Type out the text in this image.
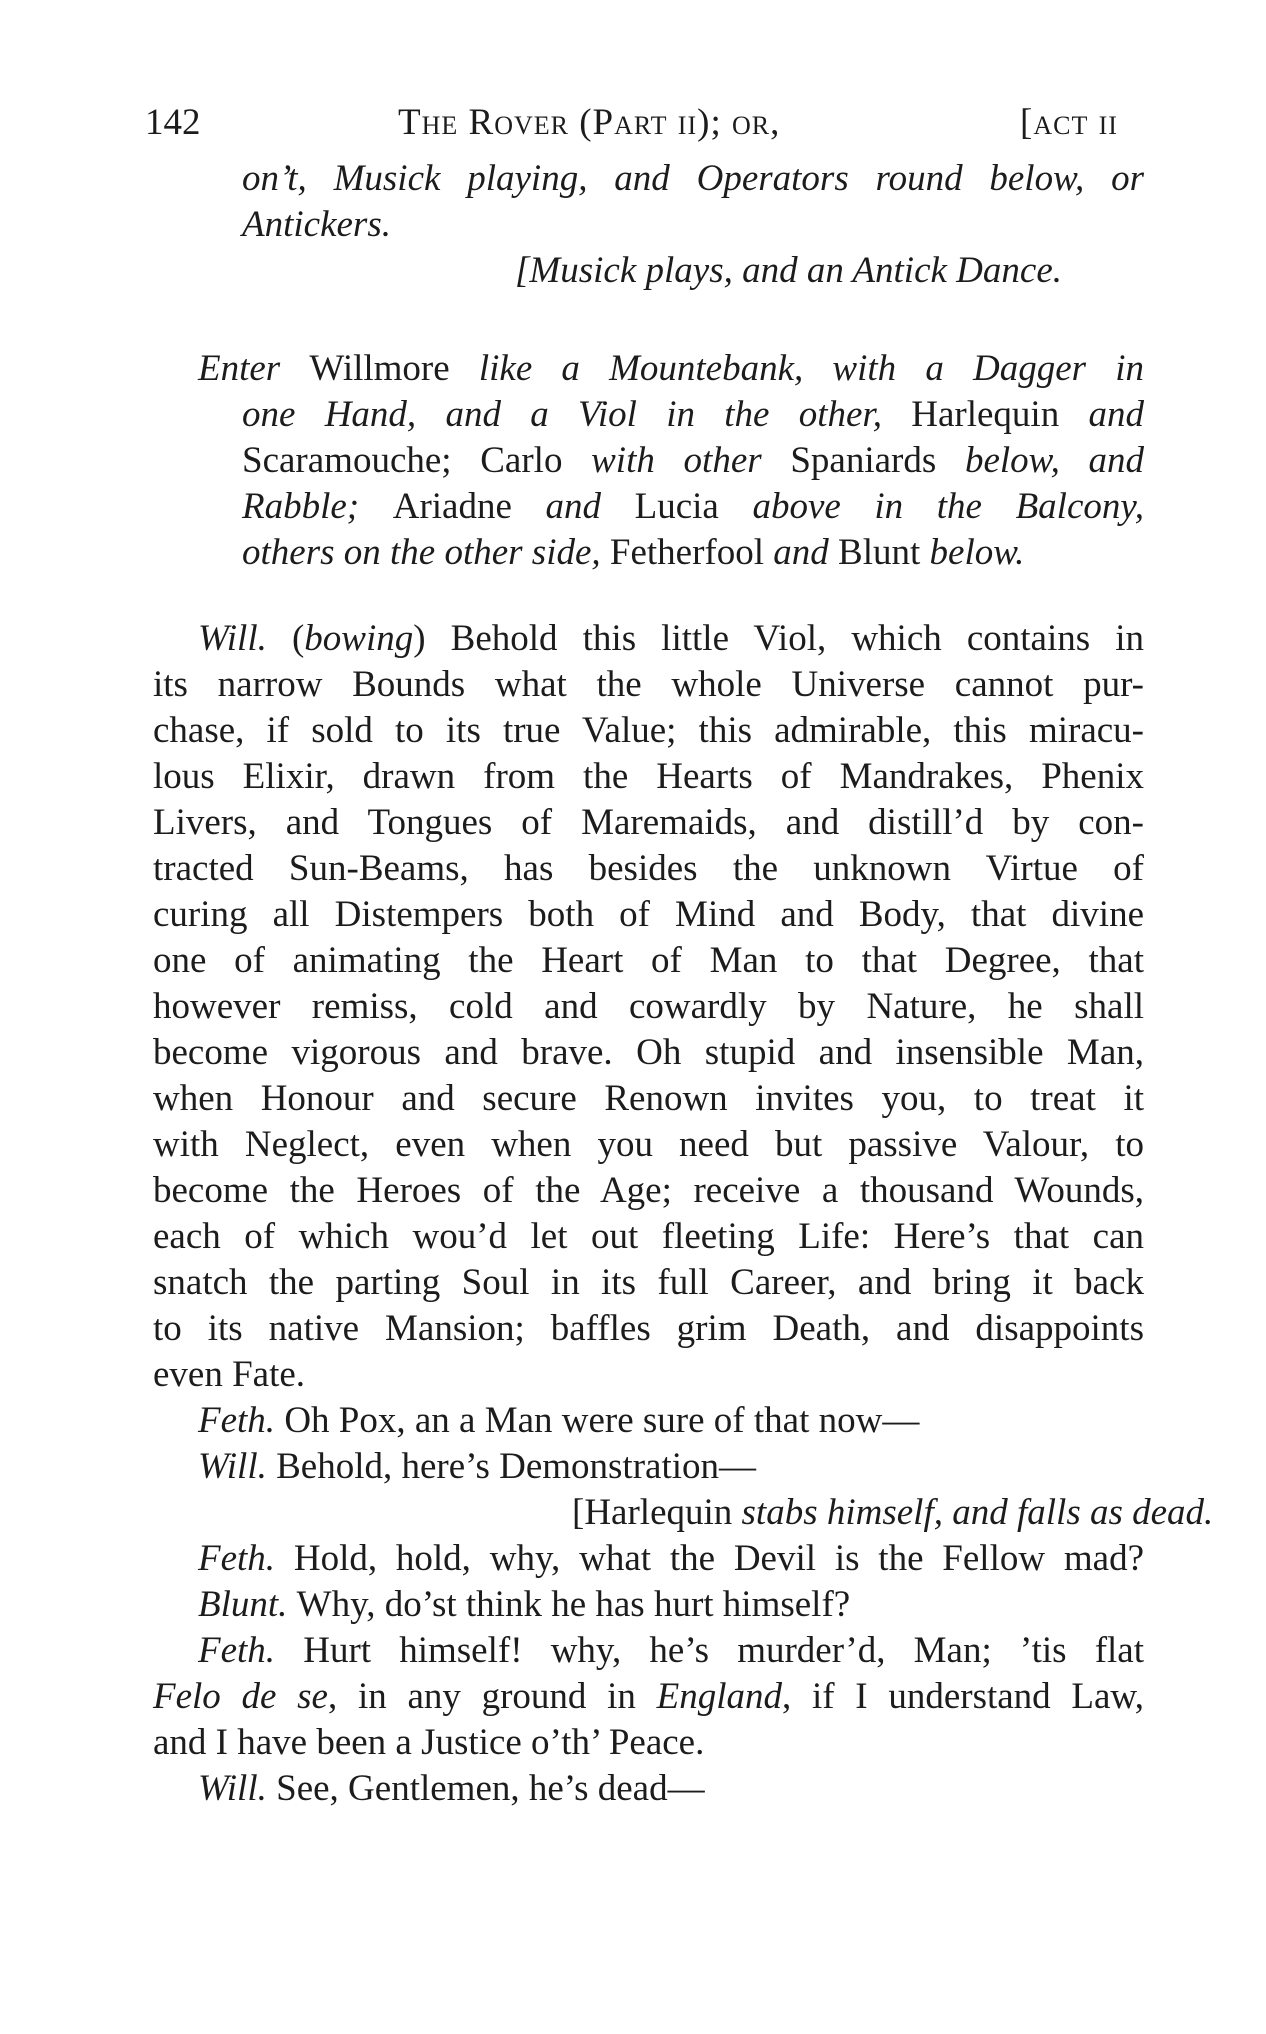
142	The Rover (Part ii); or,	[act ii
on’t, Musick playing, and Operators round below, or
Antickers.
[Musick plays, and an Antick Dance.
Enter Willmore like a Mountebank, with a Dagger in
one Hand, and a Viol in the other, Harlequin and
Scaramouche; Carlo with other Spaniards below, and
Rabble; Ariadne and Lucia above in the Balcony,
others on the other side, Fetherfool and Blunt below.
Will. (bowing) Behold this little Viol, which contains in
its narrow Bounds what the whole Universe cannot pur-
chase, if sold to its true Value; this admirable, this miracu-
lous Elixir, drawn from the Hearts of Mandrakes, Phenix
Livers, and Tongues of Maremaids, and distill’d by con-
tracted Sun-Beams, has besides the unknown Virtue of
curing all Distempers both of Mind and Body, that divine
one of animating the Heart of Man to that Degree, that
however remiss, cold and cowardly by Nature, he shall
become vigorous and brave. Oh stupid and insensible Man,
when Honour and secure Renown invites you, to treat it
with Neglect, even when you need but passive Valour, to
become the Heroes of the Age; receive a thousand Wounds,
each of which wou’d let out fleeting Life: Here’s that can
snatch the parting Soul in its full Career, and bring it back
to its native Mansion; baffles grim Death, and disappoints
even Fate.
Feth. Oh Pox, an a Man were sure of that now—
Will. Behold, here’s Demonstration—
[Harlequin stabs himself, and falls as dead.
Feth. Hold, hold, why, what the Devil is the Fellow mad?
Blunt. Why, do’st think he has hurt himself?
Feth. Hurt himself! why, he’s murder’d, Man; ’tis flat
Felo de se, in any ground in England, if I understand Law,
and I have been a Justice o’th’ Peace.
Will. See, Gentlemen, he’s dead—
